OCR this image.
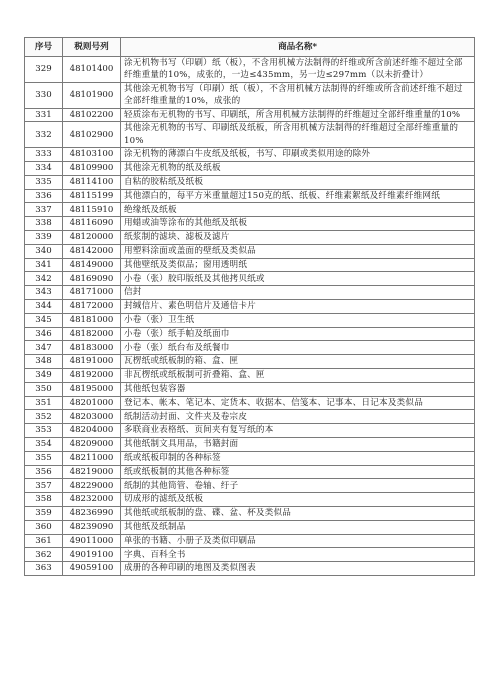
序号	税则号列	商品名称*
329	48101400	涂无机物书写（印刷）纸（板），不含用机械方法制得的纤维或所含前述纤维不超过全部纤维重量的10%，成张的，一边≤435mm，另一边≤297mm（以未折叠计）
330	48101900	其他涂无机物书写（印刷）纸（板），不含用机械方法制得的纤维或所含前述纤维不超过全部纤维重量的10%，成张的
331	48102200	轻质涂布无机物的书写、印刷纸，所含用机械方法制得的纤维超过全部纤维重量的10%
332	48102900	其他涂无机物的书写、印刷纸及纸板，所含用机械方法制得的纤维超过全部纤维重量的10%
333	48103100	涂无机物的薄漂白牛皮纸及纸板，书写、印刷或类似用途的除外
334	48109900	其他涂无机物的纸及纸板
335	48114100	自粘的胶粘纸及纸板
336	48115199	其他漂白的，每平方米重量超过150克的纸、纸板、纤维素絮纸及纤维素纤维网纸
337	48115910	绝缘纸及纸板
338	48116090	用蜡或油等涂布的其他纸及纸板
339	48120000	纸浆制的滤块、滤板及滤片
340	48142000	用塑料涂面或盖面的壁纸及类似品
341	48149000	其他壁纸及类似品；窗用透明纸
342	48169090	小卷（张）胶印版纸及其他拷贝纸或
343	48171000	信封
344	48172000	封缄信片、素色明信片及通信卡片
345	48181000	小卷（张）卫生纸
346	48182000	小卷（张）纸手帕及纸面巾
347	48183000	小卷（张）纸台布及纸餐巾
348	48191000	瓦楞纸或纸板制的箱、盒、匣
349	48192000	非瓦楞纸或纸板制可折叠箱、盒、匣
350	48195000	其他纸包装容器
351	48201000	登记本、帐本、笔记本、定货本、收据本、信笺本、记事本、日记本及类似品
352	48203000	纸制活动封面、文件夹及卷宗皮
353	48204000	多联商业表格纸、页间夹有复写纸的本
354	48209000	其他纸制文具用品，书籍封面
355	48211000	纸或纸板印制的各种标签
356	48219000	纸或纸板制的其他各种标签
357	48229000	纸制的其他筒管、卷轴、纡子
358	48232000	切成形的滤纸及纸板
359	48236990	其他纸或纸板制的盘、碟、盆、杯及类似品
360	48239090	其他纸及纸制品
361	49011000	单张的书籍、小册子及类似印刷品
362	49019100	字典、百科全书
363	49059100	成册的各种印刷的地图及类似图表
